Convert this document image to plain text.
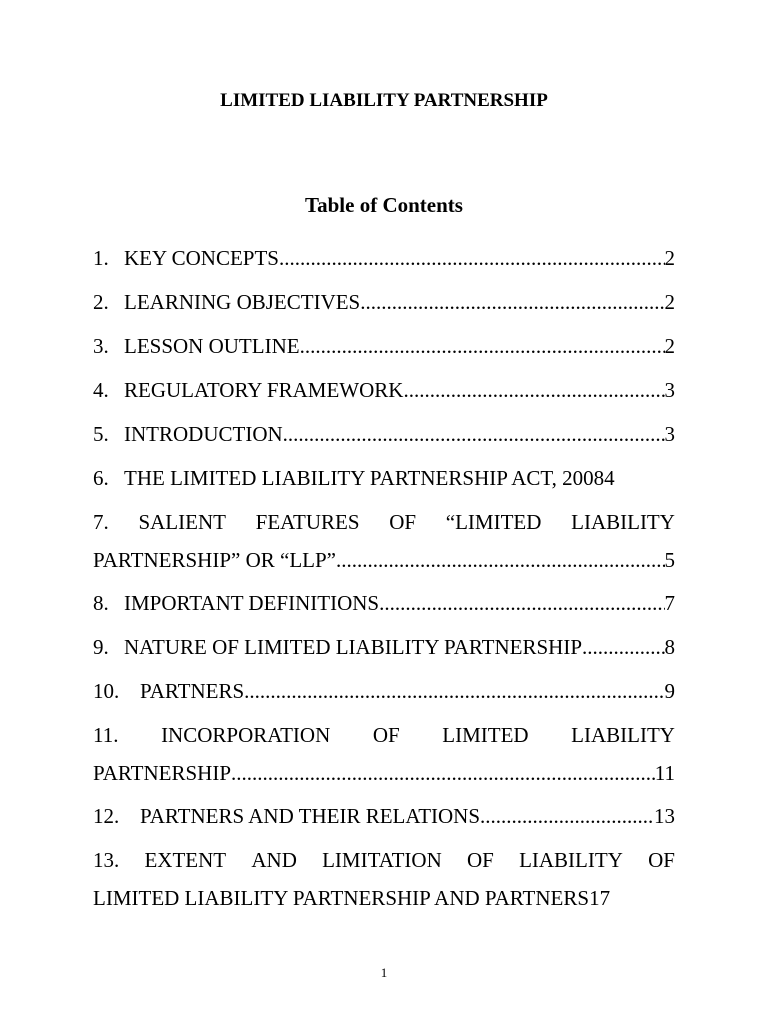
LIMITED LIABILITY PARTNERSHIP
Table of Contents
1. KEY CONCEPTS .....	2
2. LEARNING OBJECTIVES .....	2
3. LESSON OUTLINE .....	2
4. REGULATORY FRAMEWORK .....	3
5. INTRODUCTION .....	3
6. THE LIMITED LIABILITY PARTNERSHIP ACT, 2008 4
7. SALIENT FEATURES OF “LIMITED LIABILITY
PARTNERSHIP” OR “LLP” .....	5
8. IMPORTANT DEFINITIONS .....	7
9. NATURE OF LIMITED LIABILITY PARTNERSHIP .....	8
10. PARTNERS .....	9
11. INCORPORATION OF LIMITED LIABILITY
PARTNERSHIP .....	11
12. PARTNERS AND THEIR RELATIONS .....	13
13. EXTENT AND LIMITATION OF LIABILITY OF
LIMITED LIABILITY PARTNERSHIP AND PARTNERS 17
1
